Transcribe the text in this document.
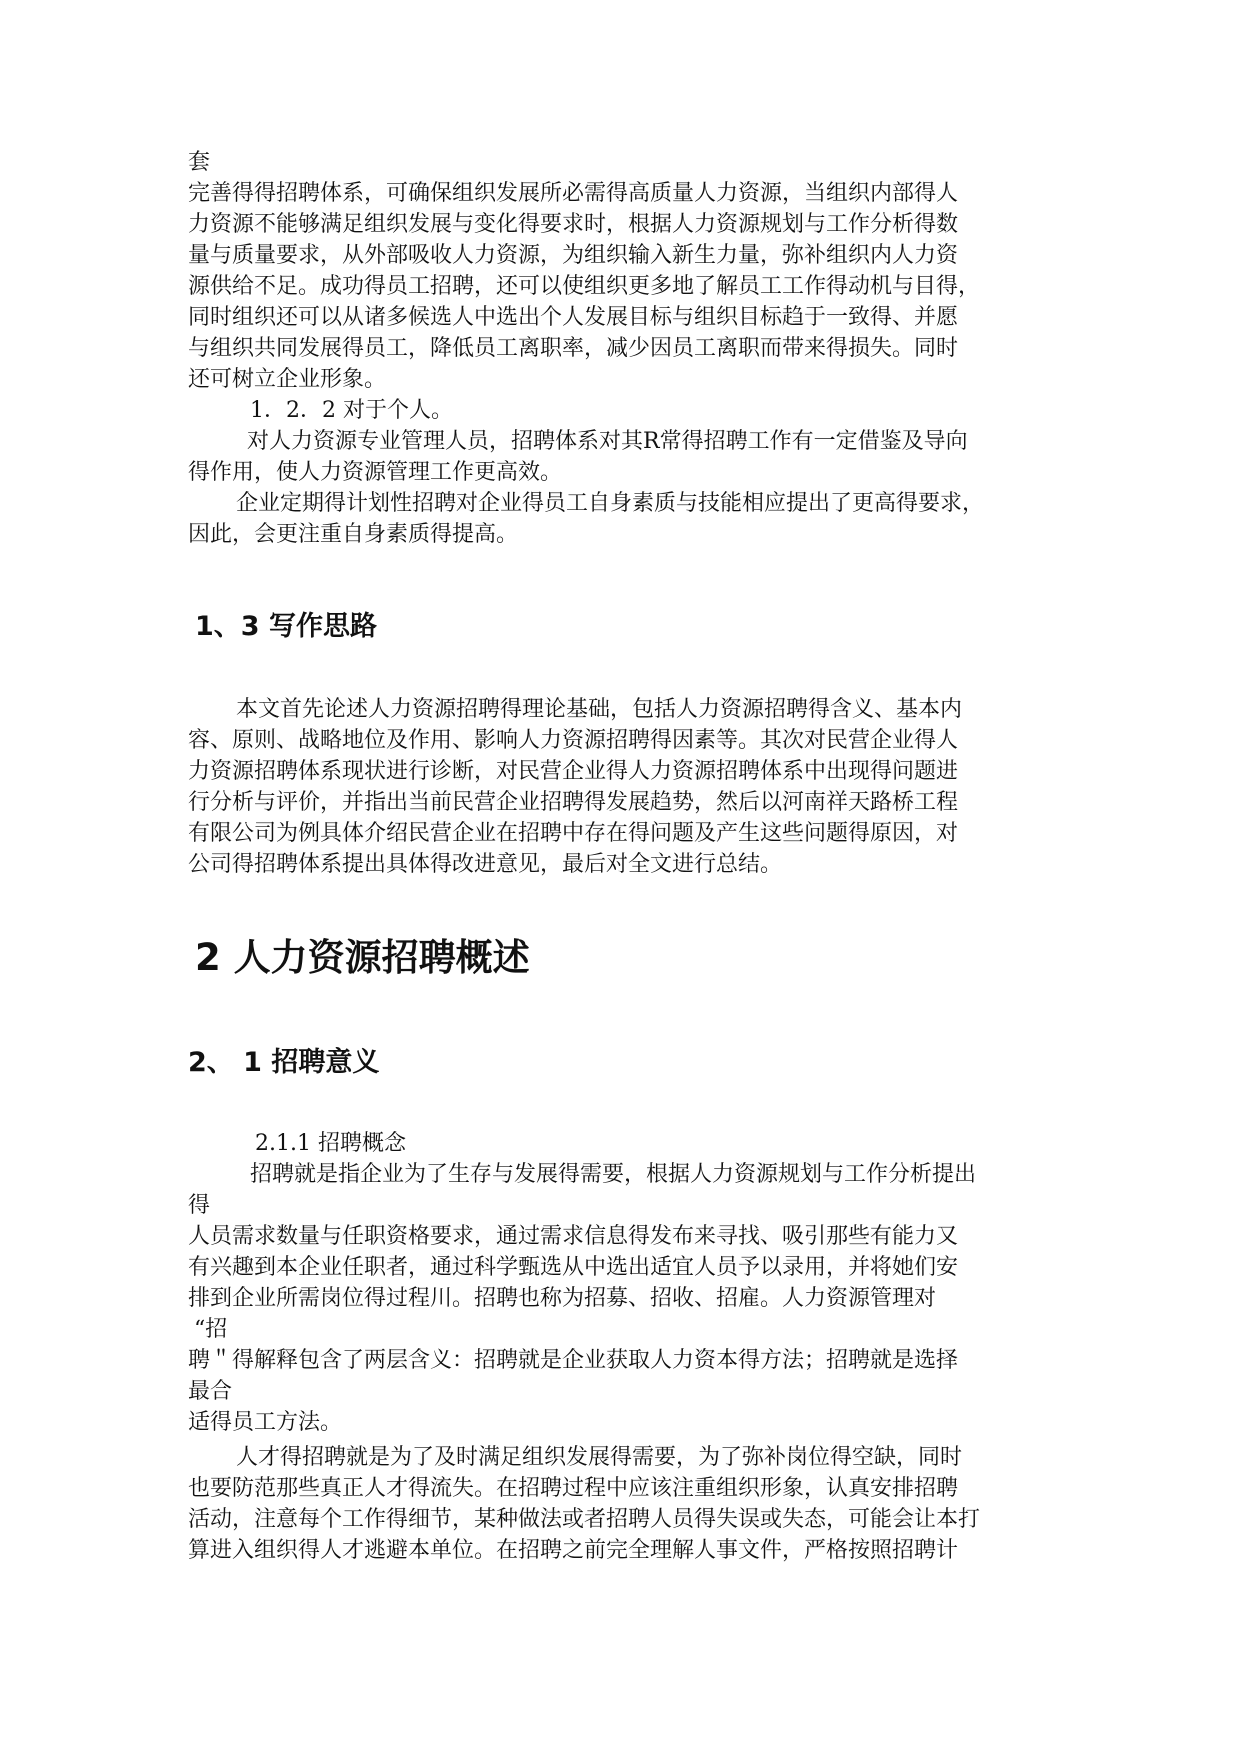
套
完善得得招聘体系，可确保组织发展所必需得高质量人力资源，当组织内部得人
力资源不能够满足组织发展与变化得要求时，根据人力资源规划与工作分析得数
量与质量要求，从外部吸收人力资源，为组织输入新生力量，弥补组织内人力资
源供给不足。成功得员工招聘，还可以使组织更多地了解员工工作得动机与目得，
同时组织还可以从诸多候选人中选出个人发展目标与组织目标趋于一致得、并愿
与组织共同发展得员工，降低员工离职率，减少因员工离职而带来得损失。同时
还可树立企业形象。
1．2．2 对于个人。
对人力资源专业管理人员，招聘体系对其R常得招聘工作有一定借鉴及导向
得作用，使人力资源管理工作更高效。
企业定期得计划性招聘对企业得员工自身素质与技能相应提出了更高得要求，
因此，会更注重自身素质得提高。
1、3 写作思路
本文首先论述人力资源招聘得理论基础，包括人力资源招聘得含义、基本内
容、原则、战略地位及作用、影响人力资源招聘得因素等。其次对民营企业得人
力资源招聘体系现状进行诊断，对民营企业得人力资源招聘体系中出现得问题进
行分析与评价，并指出当前民营企业招聘得发展趋势，然后以河南祥天路桥工程
有限公司为例具体介绍民营企业在招聘中存在得问题及产生这些问题得原因，对
公司得招聘体系提出具体得改进意见，最后对全文进行总结。
2 人力资源招聘概述
2、 1 招聘意义
2.1.1 招聘概念
招聘就是指企业为了生存与发展得需要，根据人力资源规划与工作分析提出
得
人员需求数量与任职资格要求，通过需求信息得发布来寻找、吸引那些有能力又
有兴趣到本企业任职者，通过科学甄选从中选出适宜人员予以录用，并将她们安
排到企业所需岗位得过程川。招聘也称为招募、招收、招雇。人力资源管理对
“招
聘＂得解释包含了两层含义：招聘就是企业获取人力资本得方法；招聘就是选择
最合
适得员工方法。
人才得招聘就是为了及时满足组织发展得需要，为了弥补岗位得空缺，同时
也要防范那些真正人才得流失。在招聘过程中应该注重组织形象，认真安排招聘
活动，注意每个工作得细节，某种做法或者招聘人员得失误或失态，可能会让本打
算进入组织得人才逃避本单位。在招聘之前完全理解人事文件，严格按照招聘计
